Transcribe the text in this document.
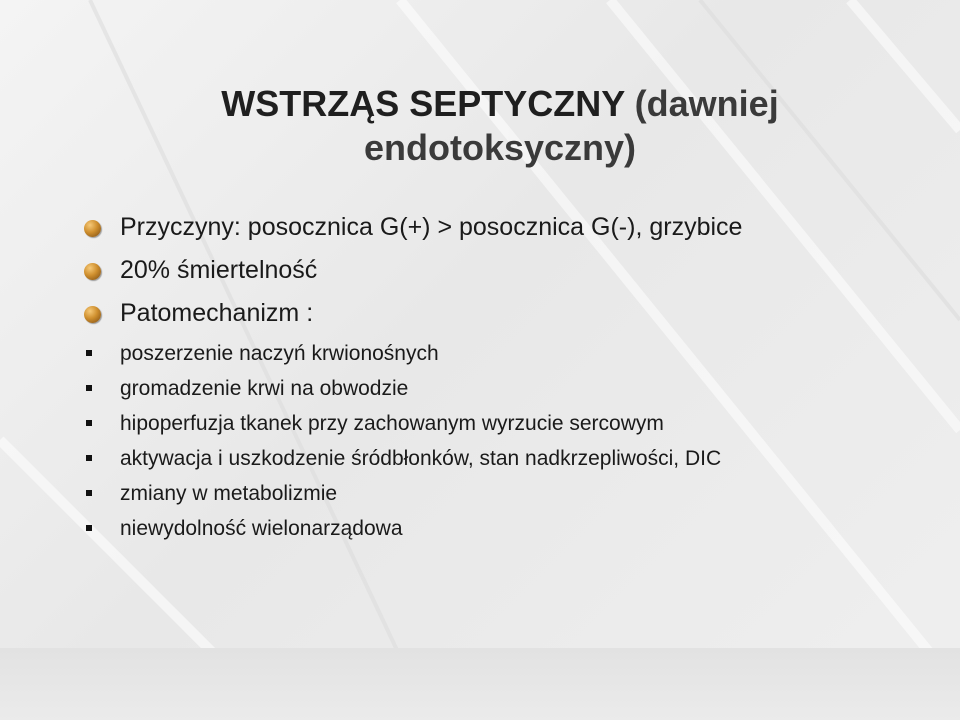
WSTRZĄS SEPTYCZNY (dawniej endotoksyczny)
Przyczyny: posocznica G(+) > posocznica G(-), grzybice
20% śmiertelność
Patomechanizm :
poszerzenie naczyń krwionośnych
gromadzenie krwi na obwodzie
hipoperfuzja tkanek przy zachowanym wyrzucie sercowym
aktywacja i uszkodzenie śródbłonków, stan nadkrzepliwości, DIC
zmiany w metabolizmie
niewydolność wielonarządowa
